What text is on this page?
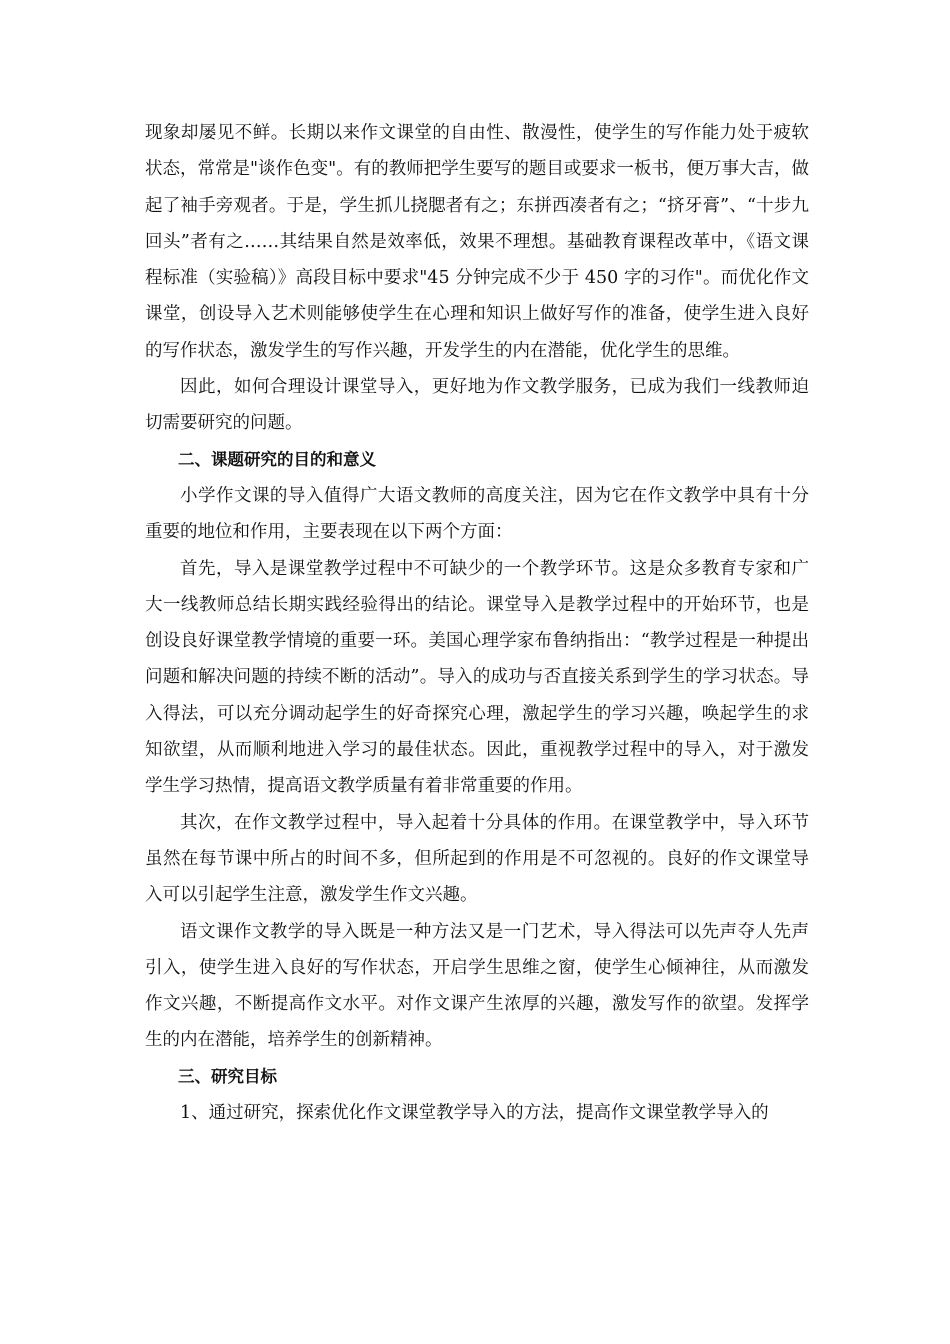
现象却屡见不鲜。长期以来作文课堂的自由性、散漫性，使学生的写作能力处于疲软状态，常常是"谈作色变"。有的教师把学生要写的题目或要求一板书，便万事大吉，做起了袖手旁观者。于是，学生抓儿挠腮者有之；东拼西凑者有之；“挤牙膏”、“十步九回头”者有之……其结果自然是效率低，效果不理想。基础教育课程改革中，《语文课程标准（实验稿）》高段目标中要求"45 分钟完成不少于 450 字的习作"。而优化作文课堂，创设导入艺术则能够使学生在心理和知识上做好写作的准备，使学生进入良好的写作状态，激发学生的写作兴趣，开发学生的内在潜能，优化学生的思维。

因此，如何合理设计课堂导入，更好地为作文教学服务，已成为我们一线教师迫切需要研究的问题。

二、课题研究的目的和意义

小学作文课的导入值得广大语文教师的高度关注，因为它在作文教学中具有十分重要的地位和作用，主要表现在以下两个方面：

首先，导入是课堂教学过程中不可缺少的一个教学环节。这是众多教育专家和广大一线教师总结长期实践经验得出的结论。课堂导入是教学过程中的开始环节，也是创设良好课堂教学情境的重要一环。美国心理学家布鲁纳指出：“教学过程是一种提出问题和解决问题的持续不断的活动”。导入的成功与否直接关系到学生的学习状态。导入得法，可以充分调动起学生的好奇探究心理，激起学生的学习兴趣，唤起学生的求知欲望，从而顺利地进入学习的最佳状态。因此，重视教学过程中的导入，对于激发学生学习热情，提高语文教学质量有着非常重要的作用。

其次，在作文教学过程中，导入起着十分具体的作用。在课堂教学中，导入环节虽然在每节课中所占的时间不多，但所起到的作用是不可忽视的。良好的作文课堂导入可以引起学生注意，激发学生作文兴趣。

语文课作文教学的导入既是一种方法又是一门艺术，导入得法可以先声夺人先声引入，使学生进入良好的写作状态，开启学生思维之窗，使学生心倾神往，从而激发作文兴趣，不断提高作文水平。对作文课产生浓厚的兴趣，激发写作的欲望。发挥学生的内在潜能，培养学生的创新精神。

三、研究目标

1、通过研究，探索优化作文课堂教学导入的方法，提高作文课堂教学导入的
